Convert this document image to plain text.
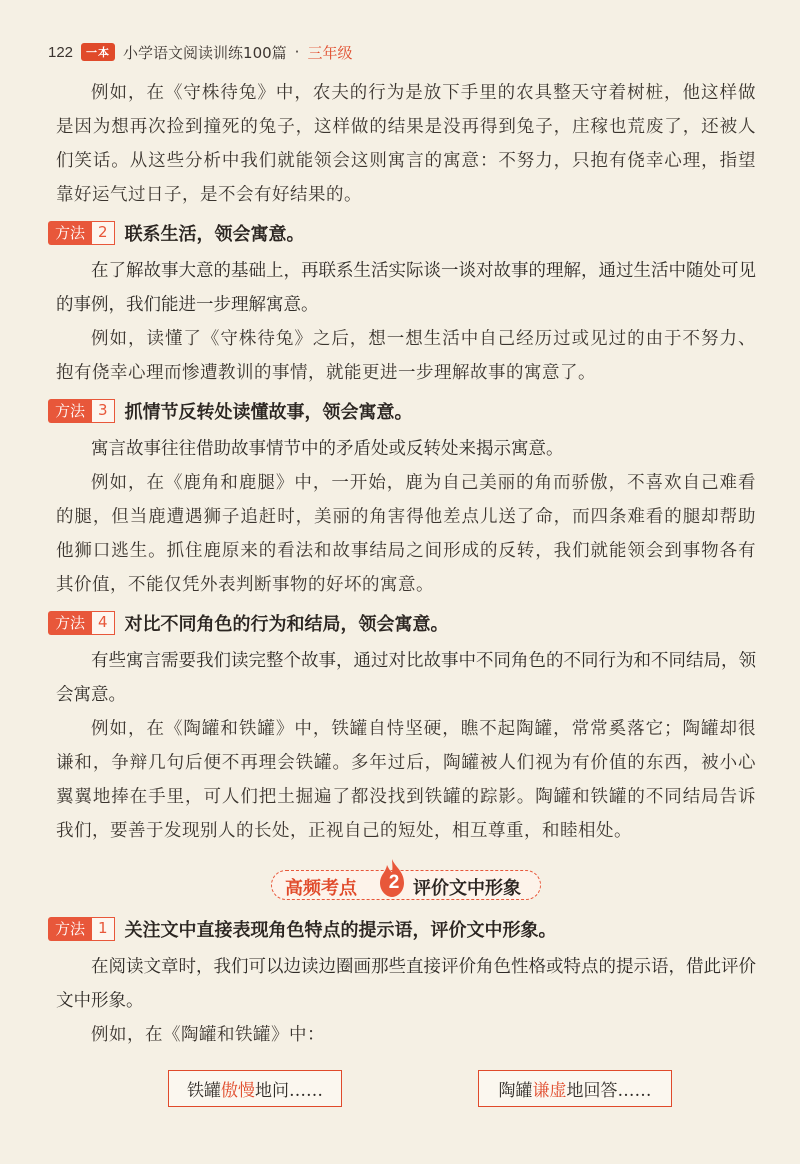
122	一本 小学语文阅读训练100篇 · 三年级

例如，在《守株待兔》中，农夫的行为是放下手里的农具整天守着树桩，他这样做是因为想再次捡到撞死的兔子，这样做的结果是没再得到兔子，庄稼也荒废了，还被人们笑话。从这些分析中我们就能领会这则寓言的寓意：不努力，只抱有侥幸心理，指望靠好运气过日子，是不会有好结果的。

方法 2 联系生活，领会寓意。

在了解故事大意的基础上，再联系生活实际谈一谈对故事的理解，通过生活中随处可见的事例，我们能进一步理解寓意。

例如，读懂了《守株待兔》之后，想一想生活中自己经历过或见过的由于不努力、抱有侥幸心理而惨遭教训的事情，就能更进一步理解故事的寓意了。

方法 3 抓情节反转处读懂故事，领会寓意。

寓言故事往往借助故事情节中的矛盾处或反转处来揭示寓意。

例如，在《鹿角和鹿腿》中，一开始，鹿为自己美丽的角而骄傲，不喜欢自己难看的腿，但当鹿遭遇狮子追赶时，美丽的角害得他差点儿送了命，而四条难看的腿却帮助他狮口逃生。抓住鹿原来的看法和故事结局之间形成的反转，我们就能领会到事物各有其价值，不能仅凭外表判断事物的好坏的寓意。

方法 4 对比不同角色的行为和结局，领会寓意。

有些寓言需要我们读完整个故事，通过对比故事中不同角色的不同行为和不同结局，领会寓意。

例如，在《陶罐和铁罐》中，铁罐自恃坚硬，瞧不起陶罐，常常奚落它；陶罐却很谦和，争辩几句后便不再理会铁罐。多年过后，陶罐被人们视为有价值的东西，被小心翼翼地捧在手里，可人们把土掘遍了都没找到铁罐的踪影。陶罐和铁罐的不同结局告诉我们，要善于发现别人的长处，正视自己的短处，相互尊重，和睦相处。

高频考点	2 评价文中形象
方法 1 关注文中直接表现角色特点的提示语，评价文中形象。

在阅读文章时，我们可以边读边圈画那些直接评价角色性格或特点的提示语，借此评价文中形象。

例如，在《陶罐和铁罐》中：

铁罐傲慢地问……	陶罐谦虚地回答……
